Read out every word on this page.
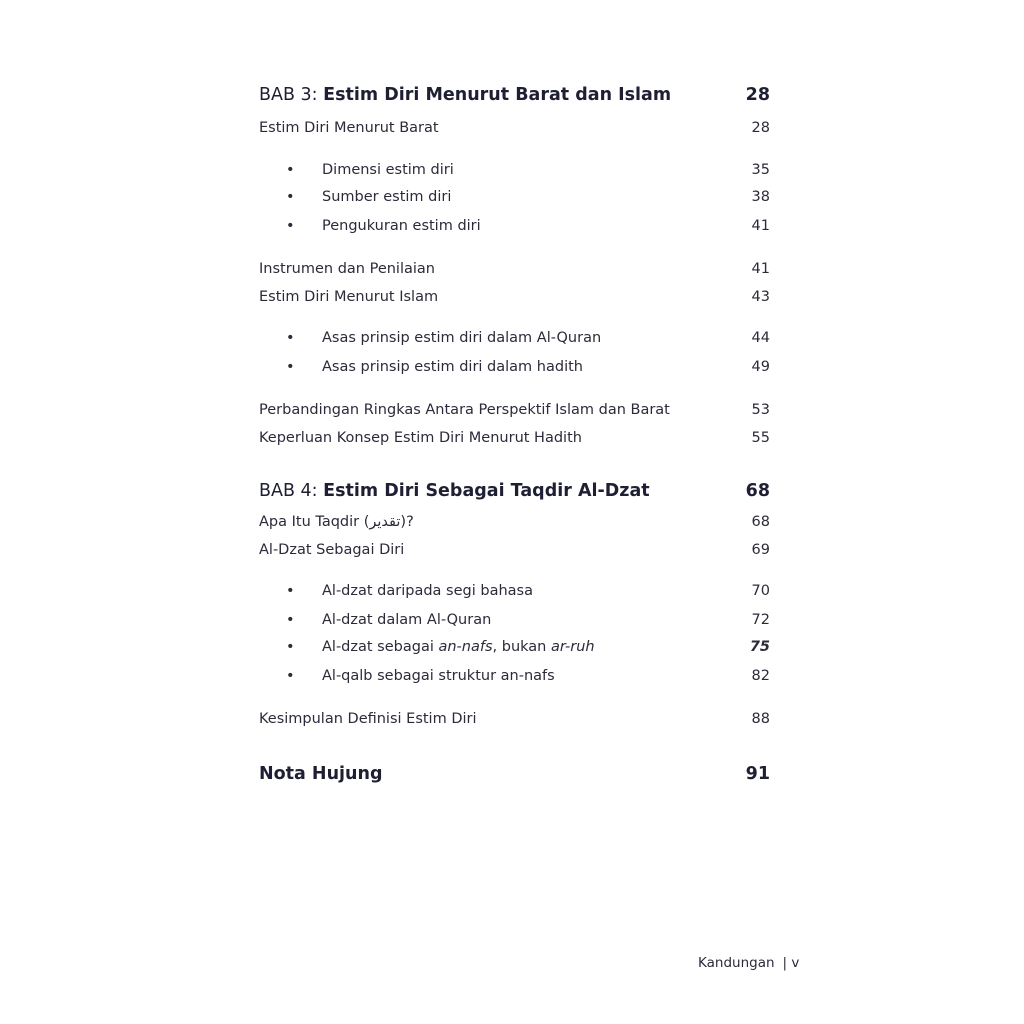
BAB 3: Estim Diri Menurut Barat dan Islam	28
Estim Diri Menurut Barat	28
• Dimensi estim diri	35
• Sumber estim diri	38
• Pengukuran estim diri	41
Instrumen dan Penilaian	41
Estim Diri Menurut Islam	43
• Asas prinsip estim diri dalam Al-Quran	44
• Asas prinsip estim diri dalam hadith	49
Perbandingan Ringkas Antara Perspektif Islam dan Barat	53
Keperluan Konsep Estim Diri Menurut Hadith	55
BAB 4: Estim Diri Sebagai Taqdir Al-Dzat	68
Apa Itu Taqdir (تقدير)?	68
Al-Dzat Sebagai Diri	69
• Al-dzat daripada segi bahasa	70
• Al-dzat dalam Al-Quran	72
• Al-dzat sebagai an-nafs, bukan ar-ruh	75
• Al-qalb sebagai struktur an-nafs	82
Kesimpulan Definisi Estim Diri	88
Nota Hujung	91
Kandungan | v
